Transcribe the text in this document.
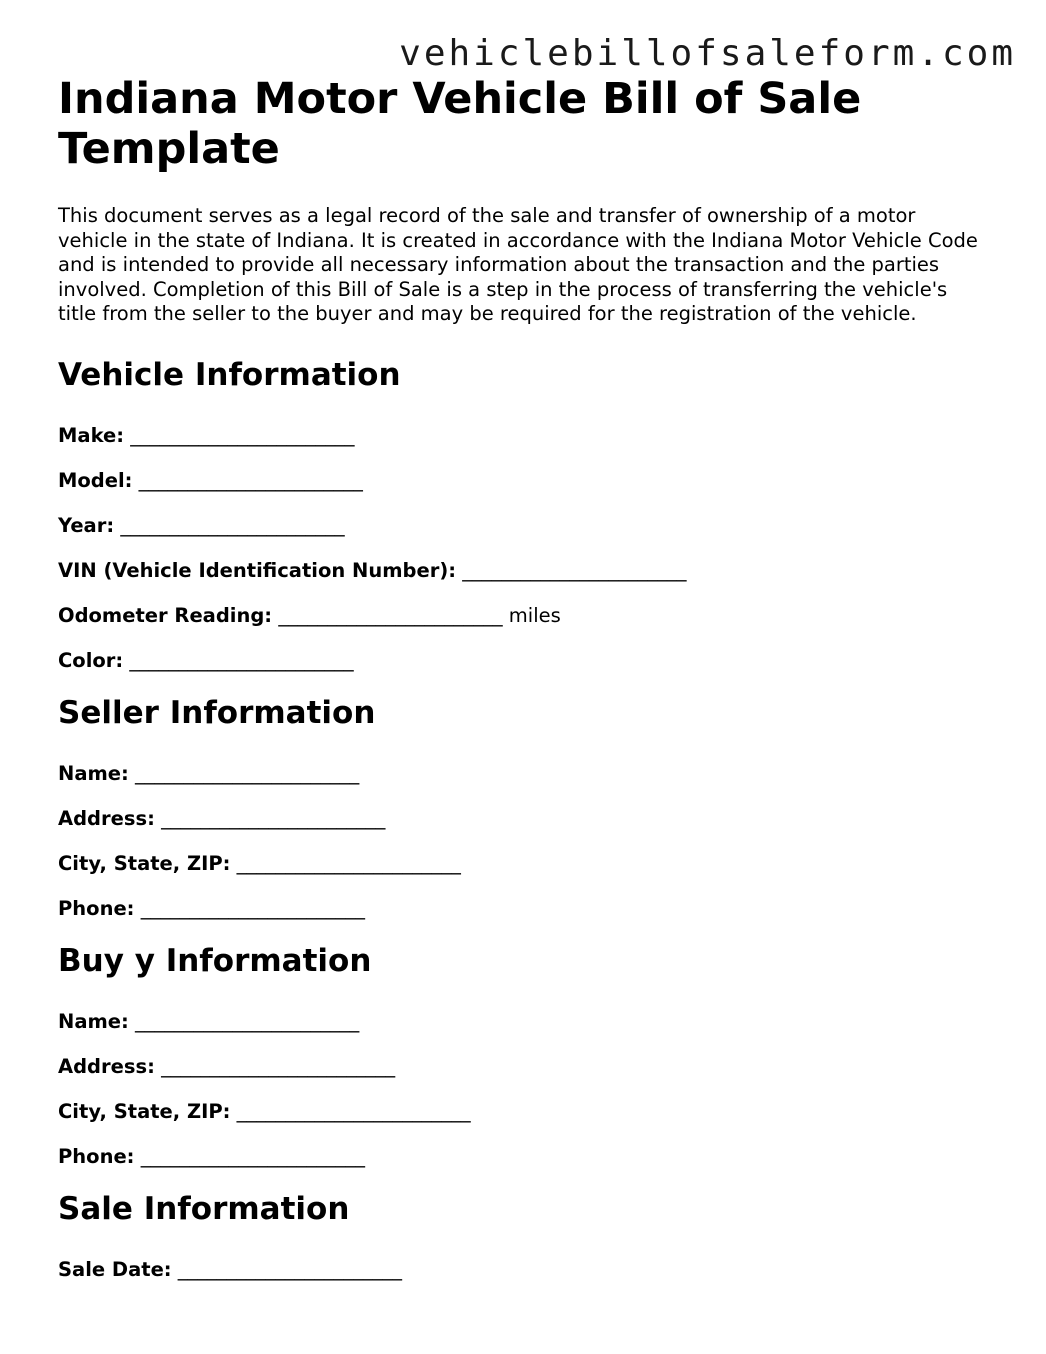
vehiclebillofsaleform.com
Indiana Motor Vehicle Bill of Sale Template

This document serves as a legal record of the sale and transfer of ownership of a motor vehicle in the state of Indiana. It is created in accordance with the Indiana Motor Vehicle Code and is intended to provide all necessary information about the transaction and the parties involved. Completion of this Bill of Sale is a step in the process of transferring the vehicle's title from the seller to the buyer and may be required for the registration of the vehicle.

Vehicle Information

Make: _______________________

Model: _______________________

Year: _______________________

VIN (Vehicle Identification Number): _______________________

Odometer Reading: _______________________ miles

Color: _______________________

Seller Information

Name: _______________________

Address: _______________________

City, State, ZIP: _______________________

Phone: _______________________

Buy y Information

Name: _______________________

Address: ________________________

City, State, ZIP: ________________________

Phone: _______________________

Sale Information

Sale Date: _______________________
